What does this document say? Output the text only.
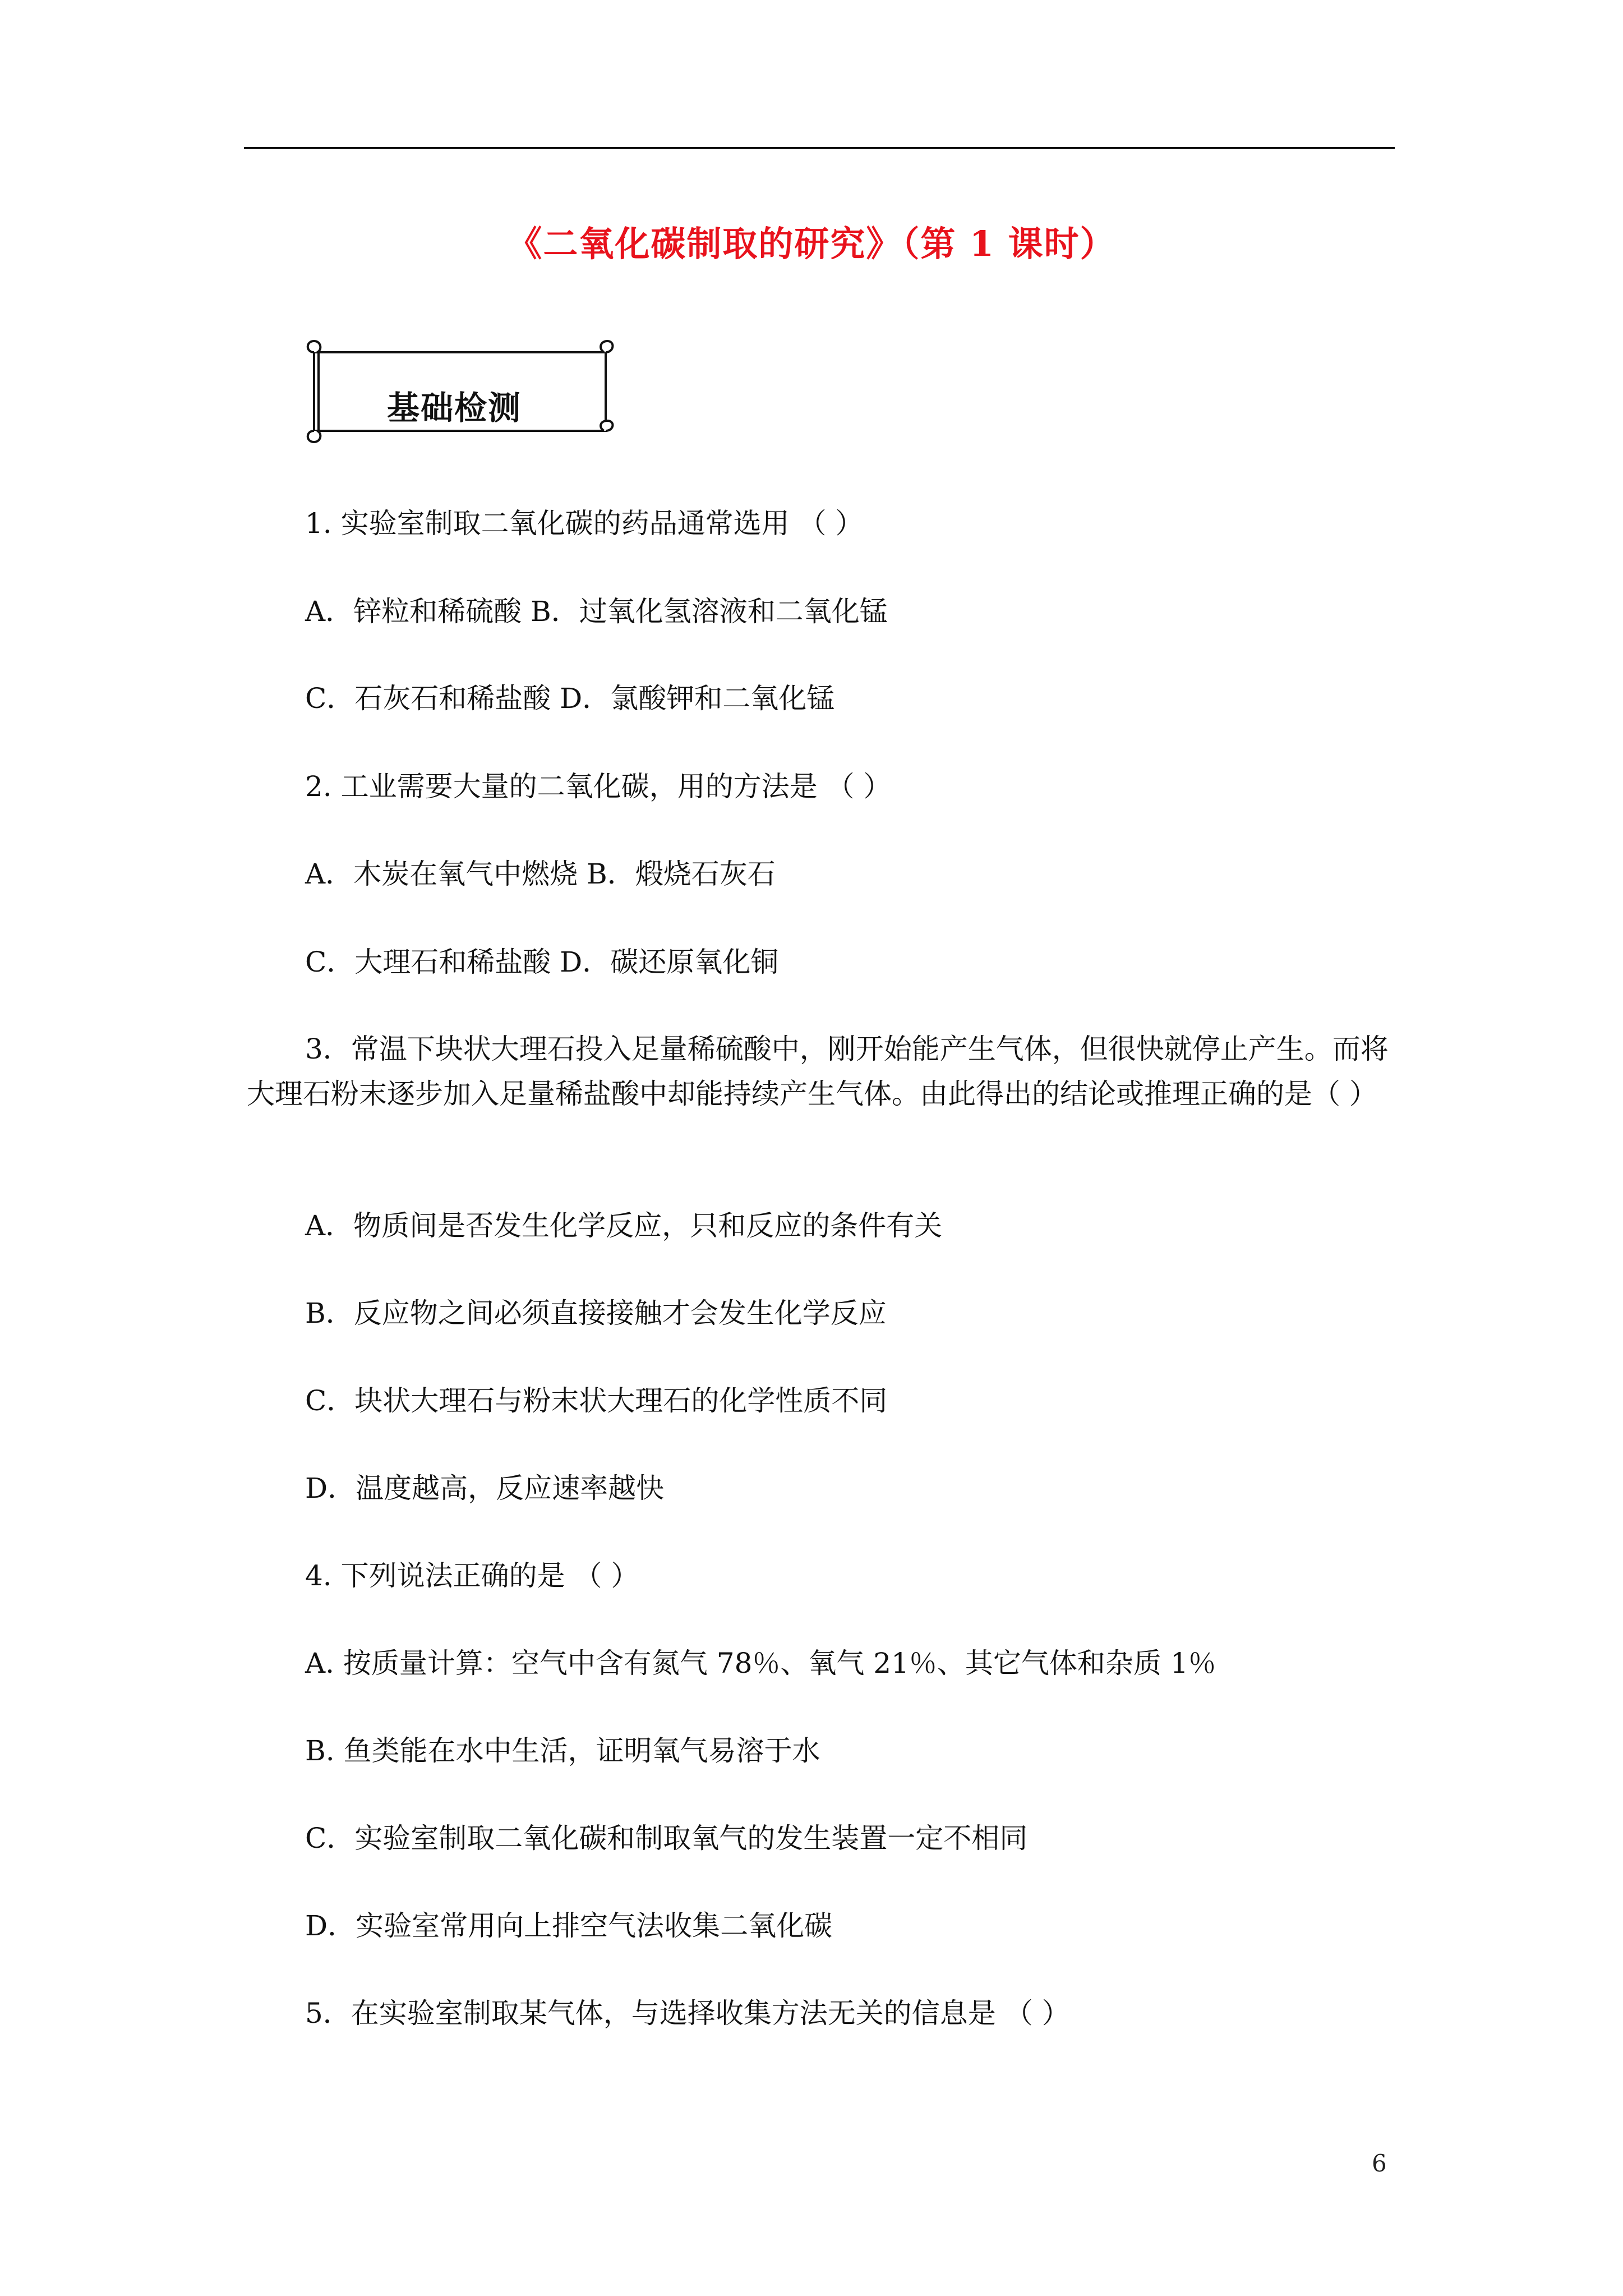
《二氧化碳制取的研究》（第 1 课时）
基础检测
1. 实验室制取二氧化碳的药品通常选用 （ ）
A．锌粒和稀硫酸 B．过氧化氢溶液和二氧化锰
C．石灰石和稀盐酸 D．氯酸钾和二氧化锰
2. 工业需要大量的二氧化碳，用的方法是 （ ）
A．木炭在氧气中燃烧 B．煅烧石灰石
C．大理石和稀盐酸 D．碳还原氧化铜
3．常温下块状大理石投入足量稀硫酸中，刚开始能产生气体，但很快就停止产生。而将大理石粉末逐步加入足量稀盐酸中却能持续产生气体。由此得出的结论或推理正确的是（ ）
A．物质间是否发生化学反应，只和反应的条件有关
B．反应物之间必须直接接触才会发生化学反应
C．块状大理石与粉末状大理石的化学性质不同
D．温度越高，反应速率越快
4. 下列说法正确的是 （ ）
A. 按质量计算：空气中含有氮气 78％、氧气 21％、其它气体和杂质 1％
B. 鱼类能在水中生活，证明氧气易溶于水
C．实验室制取二氧化碳和制取氧气的发生装置一定不相同
D．实验室常用向上排空气法收集二氧化碳
5．在实验室制取某气体，与选择收集方法无关的信息是 （ ）
6
